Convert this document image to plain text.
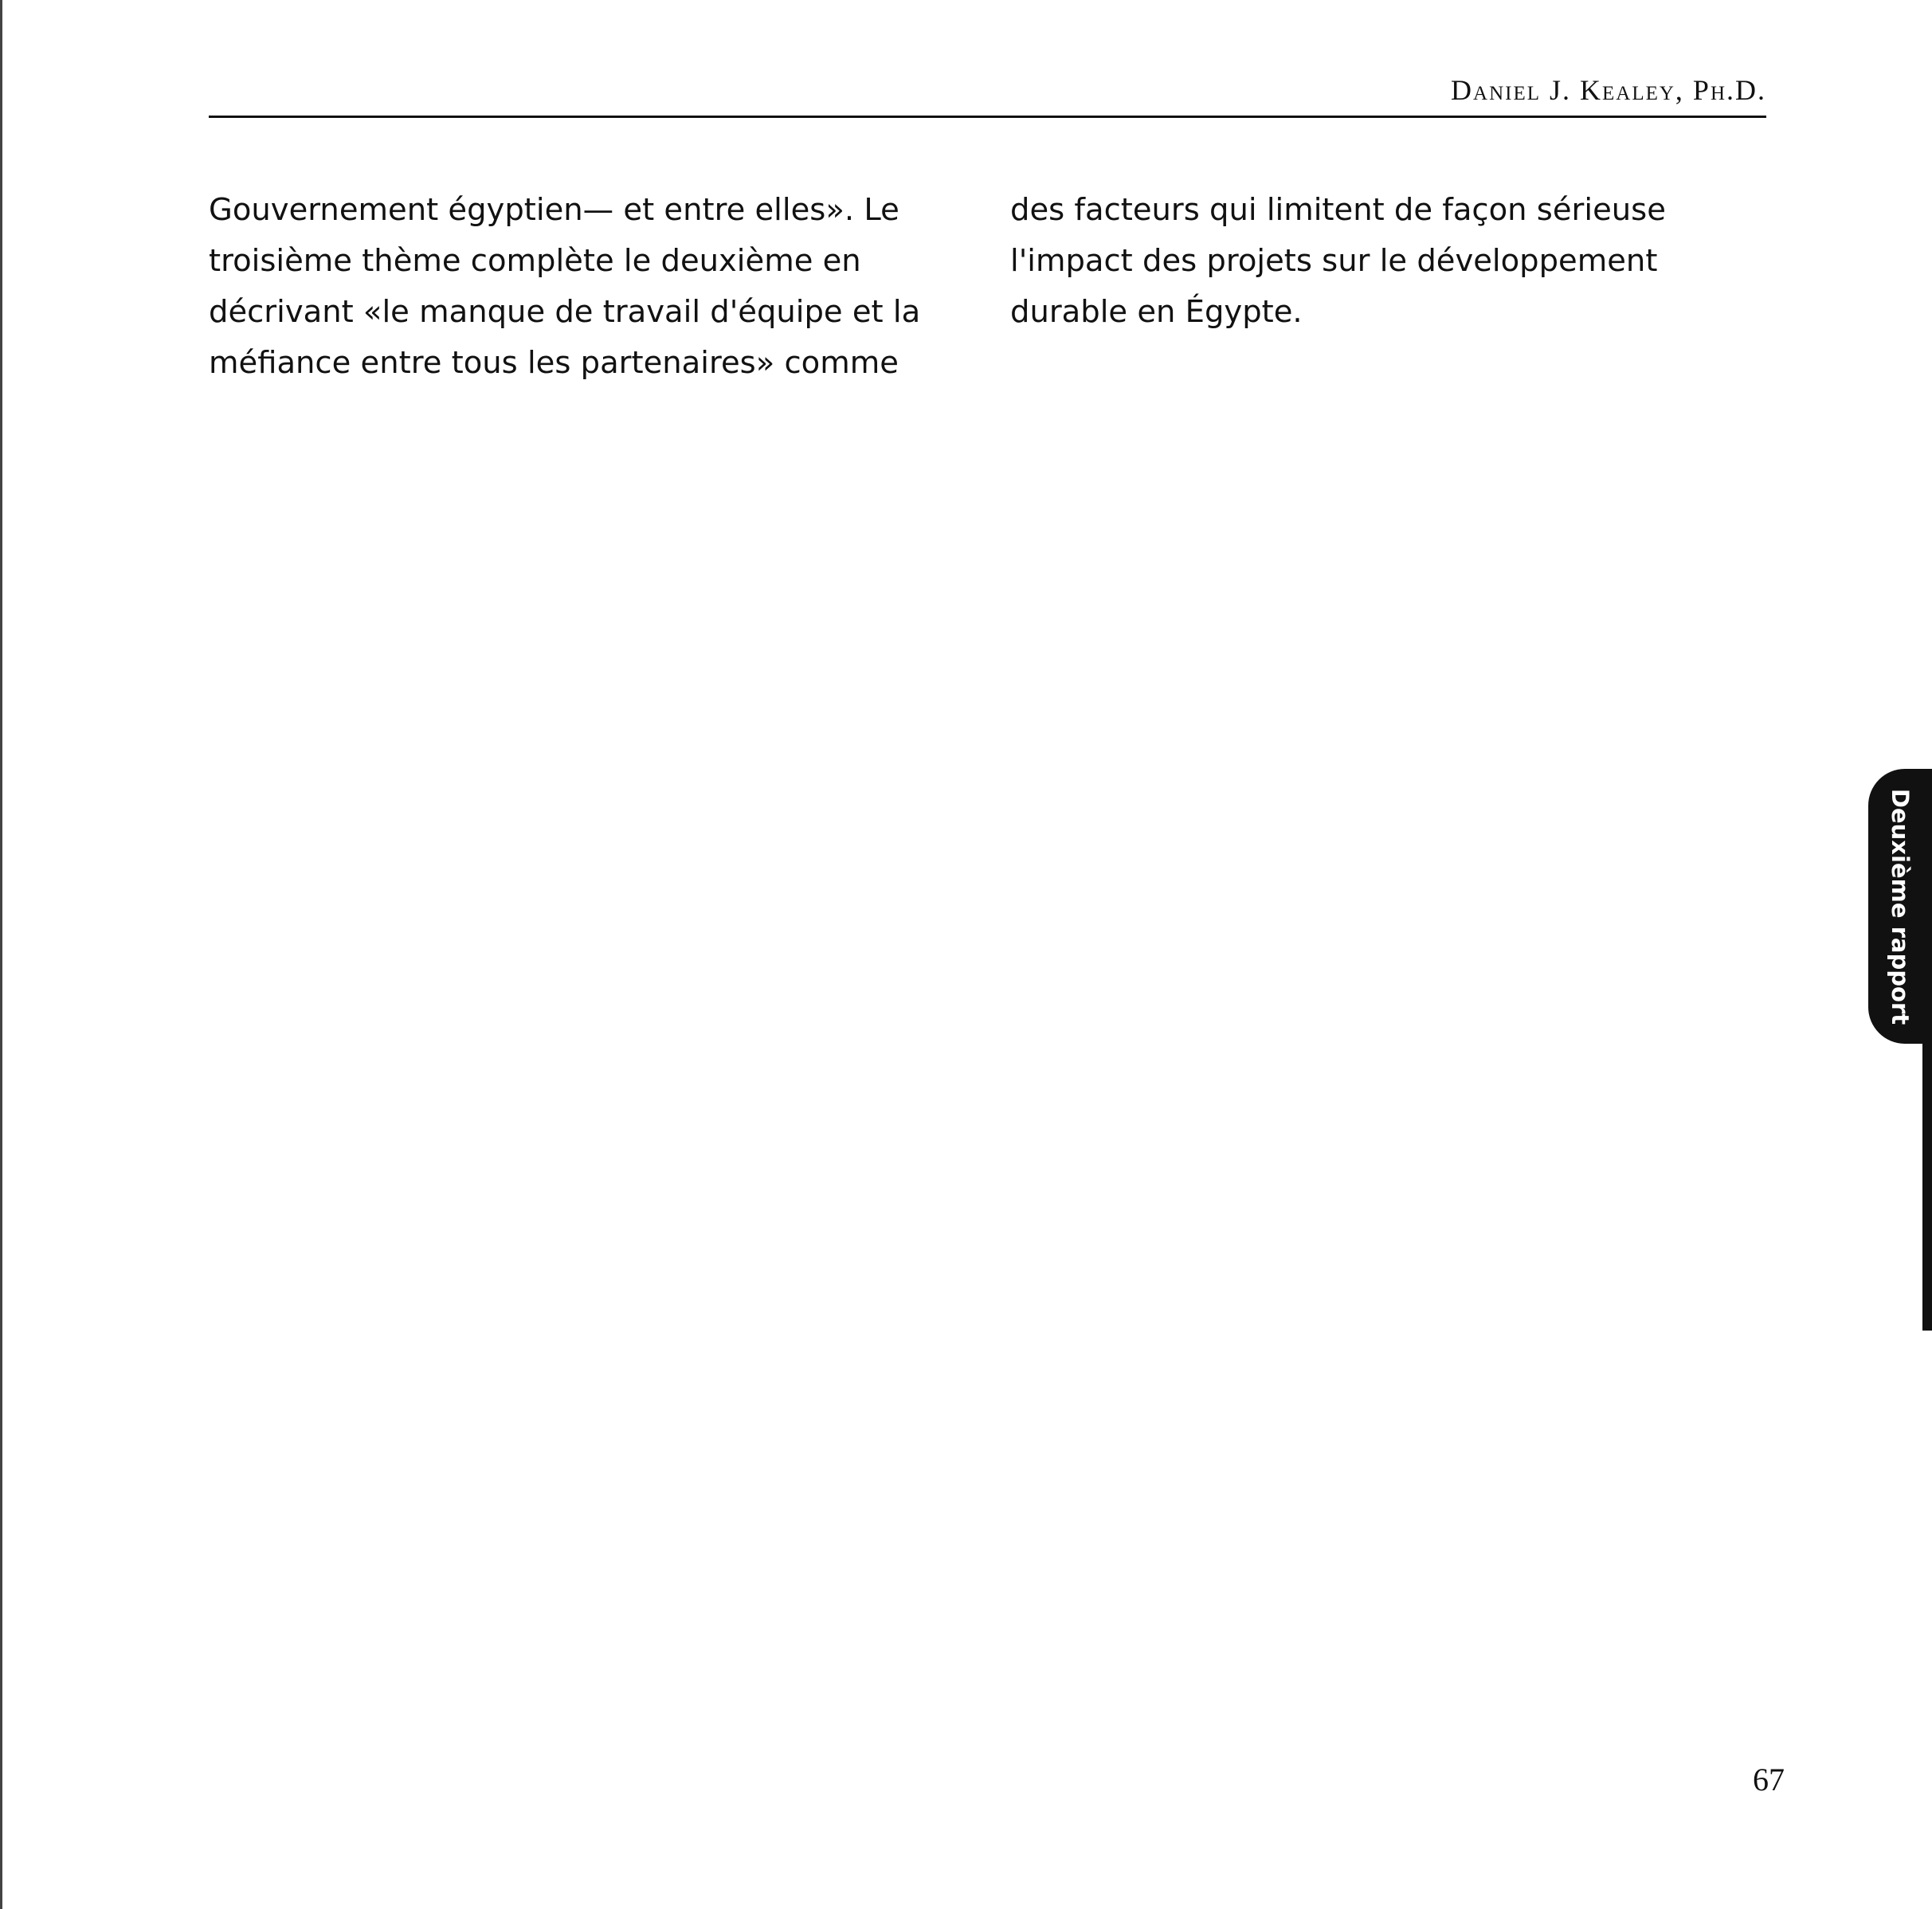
Daniel J. Kealey, Ph.D.
Gouvernement égyptien— et entre elles». Le
troisième thème complète le deuxième en
décrivant «le manque de travail d'équipe et la
méfiance entre tous les partenaires» comme
des facteurs qui limitent de façon sérieuse
l'impact des projets sur le développement
durable en Égypte.
Deuxième rapport
67
